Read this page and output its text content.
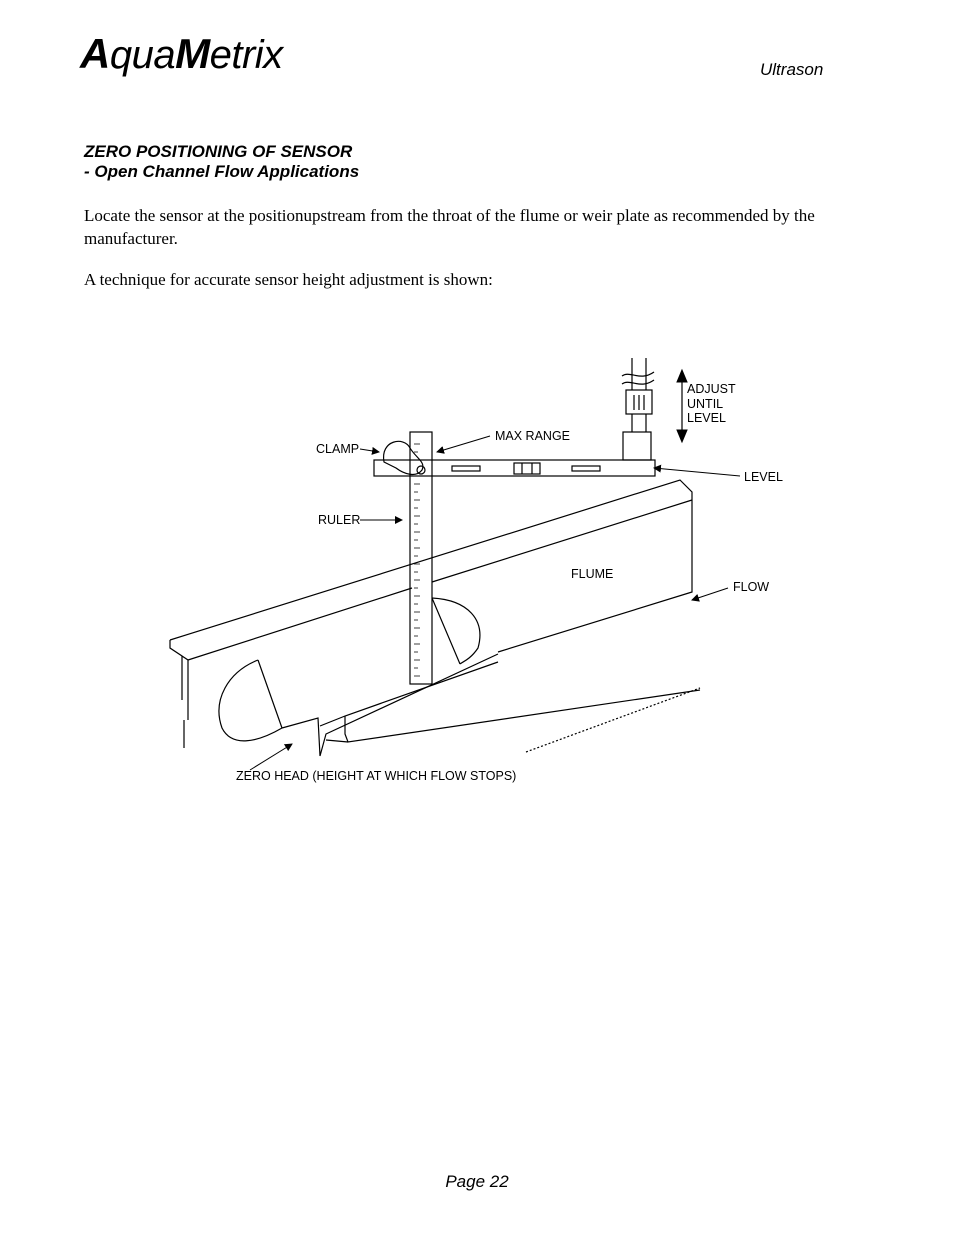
AquaMetrix	Ultrason
ZERO POSITIONING OF SENSOR
- Open Channel Flow Applications
Locate the sensor at the positionupstream from the throat of the flume or weir plate as recommended by the manufacturer.
A technique for accurate sensor height adjustment is shown:
ADJUST
UNTIL
LEVEL
MAX RANGE
CLAMP
LEVEL
RULER
FLUME
FLOW
ZERO HEAD (HEIGHT AT WHICH FLOW STOPS)
Page 22
